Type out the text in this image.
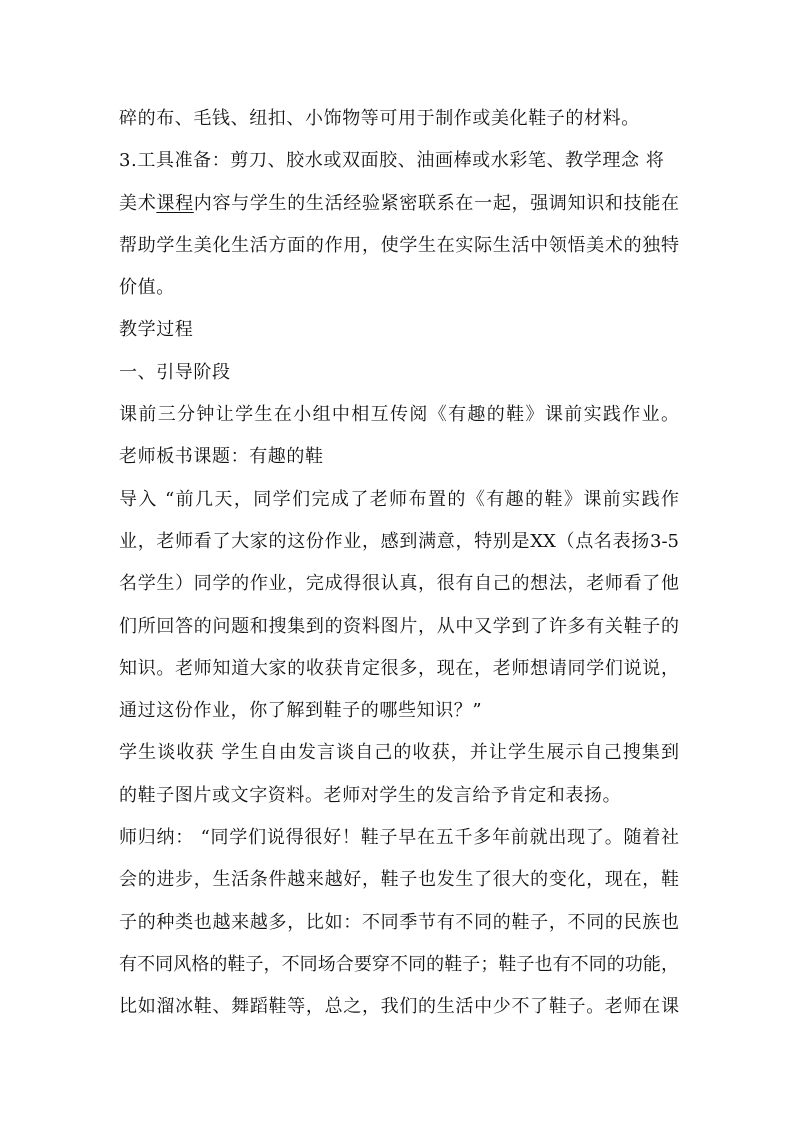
碎的布、毛钱、纽扣、小饰物等可用于制作或美化鞋子的材料。
3.工具准备：剪刀、胶水或双面胶、油画棒或水彩笔、教学理念 将
美术课程内容与学生的生活经验紧密联系在一起，强调知识和技能在
帮助学生美化生活方面的作用，使学生在实际生活中领悟美术的独特
价值。
教学过程
一、引导阶段
课前三分钟让学生在小组中相互传阅《有趣的鞋》课前实践作业。
老师板书课题：有趣的鞋
导入 “前几天，同学们完成了老师布置的《有趣的鞋》课前实践作
业，老师看了大家的这份作业，感到满意，特别是XX（点名表扬3-5
名学生）同学的作业，完成得很认真，很有自己的想法，老师看了他
们所回答的问题和搜集到的资料图片，从中又学到了许多有关鞋子的
知识。老师知道大家的收获肯定很多，现在，老师想请同学们说说，
通过这份作业，你了解到鞋子的哪些知识？”
学生谈收获 学生自由发言谈自己的收获，并让学生展示自己搜集到
的鞋子图片或文字资料。老师对学生的发言给予肯定和表扬。
师归纳： “同学们说得很好！鞋子早在五千多年前就出现了。随着社
会的进步，生活条件越来越好，鞋子也发生了很大的变化，现在，鞋
子的种类也越来越多，比如：不同季节有不同的鞋子，不同的民族也
有不同风格的鞋子，不同场合要穿不同的鞋子；鞋子也有不同的功能，
比如溜冰鞋、舞蹈鞋等，总之，我们的生活中少不了鞋子。老师在课
